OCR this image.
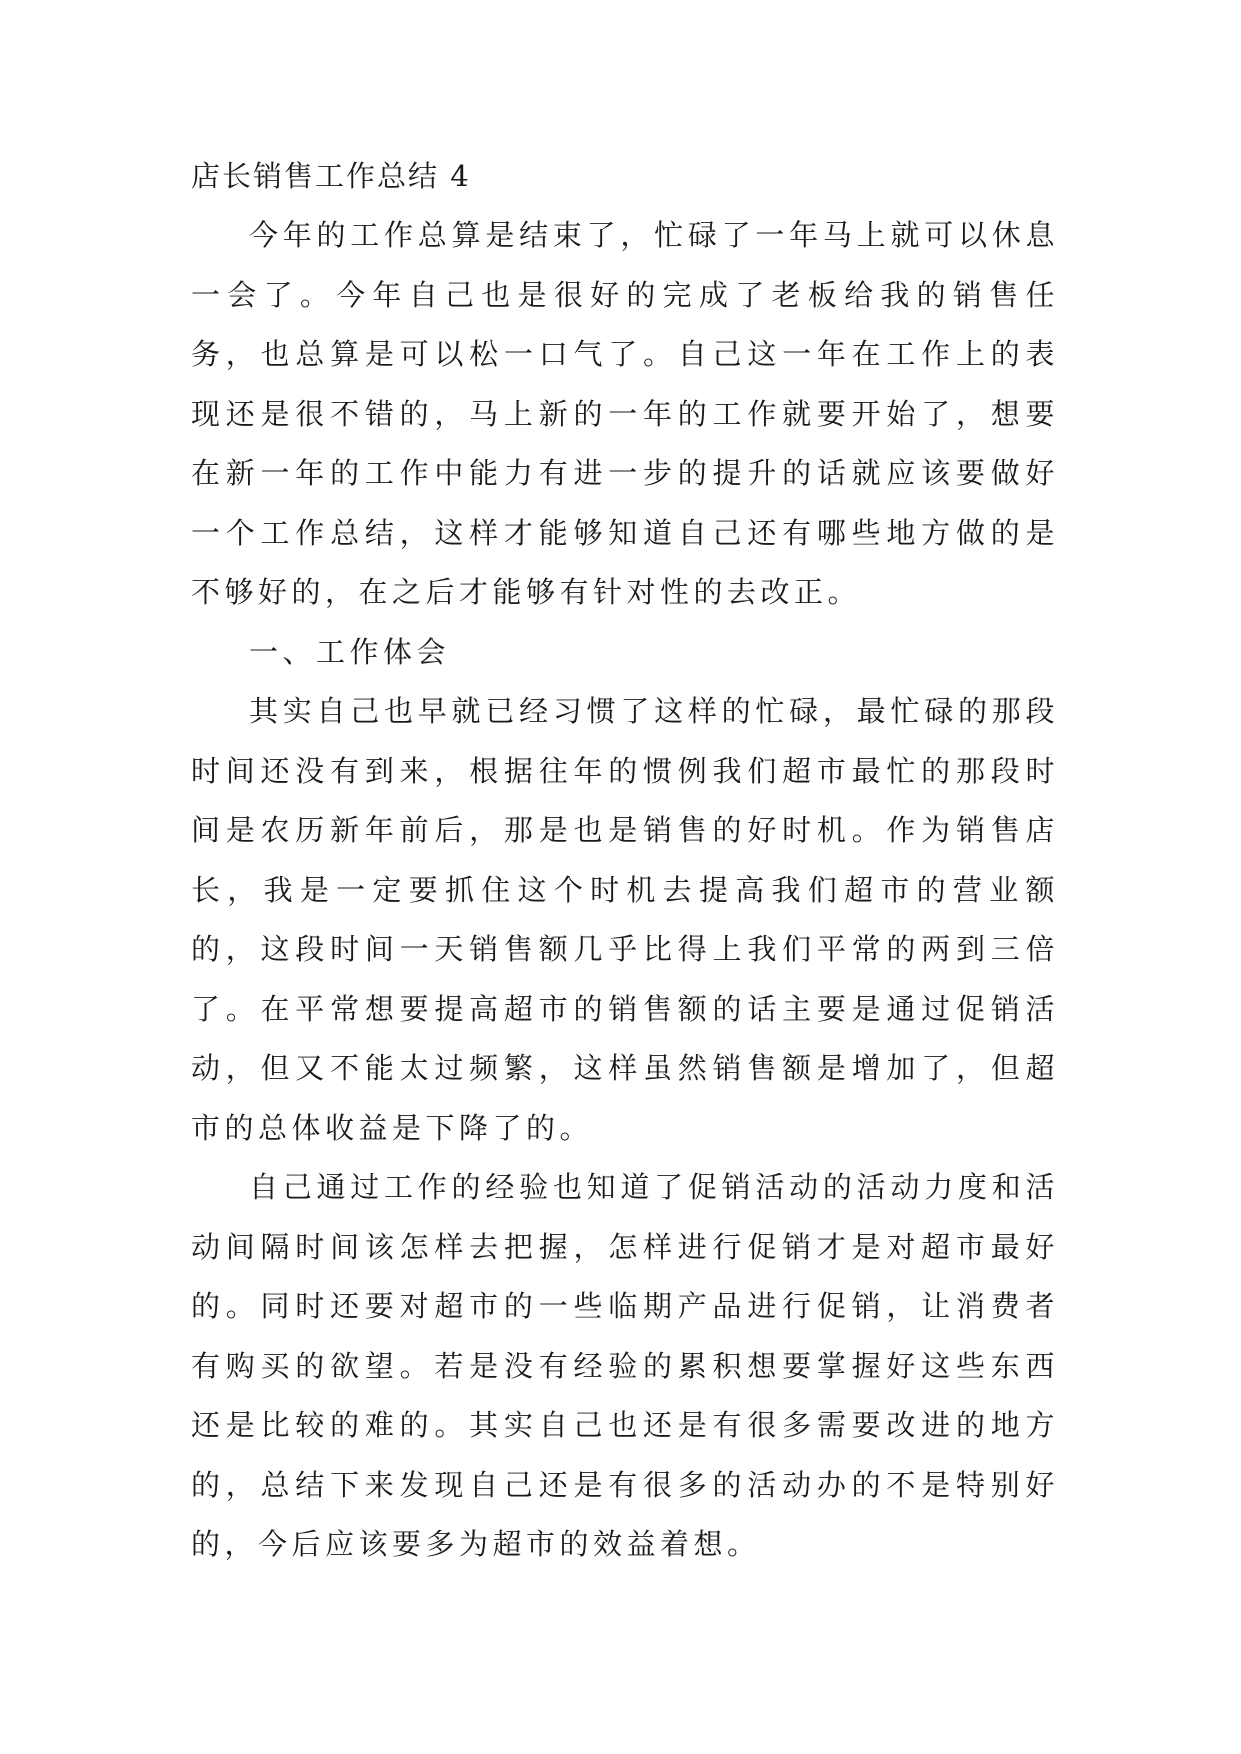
店长销售工作总结 4

今年的工作总算是结束了，忙碌了一年马上就可以休息一会了。今年自己也是很好的完成了老板给我的销售任务，也总算是可以松一口气了。自己这一年在工作上的表现还是很不错的，马上新的一年的工作就要开始了，想要在新一年的工作中能力有进一步的提升的话就应该要做好一个工作总结，这样才能够知道自己还有哪些地方做的是不够好的，在之后才能够有针对性的去改正。

一、工作体会

其实自己也早就已经习惯了这样的忙碌，最忙碌的那段时间还没有到来，根据往年的惯例我们超市最忙的那段时间是农历新年前后，那是也是销售的好时机。作为销售店长，我是一定要抓住这个时机去提高我们超市的营业额的，这段时间一天销售额几乎比得上我们平常的两到三倍了。在平常想要提高超市的销售额的话主要是通过促销活动，但又不能太过频繁，这样虽然销售额是增加了，但超市的总体收益是下降了的。

自己通过工作的经验也知道了促销活动的活动力度和活动间隔时间该怎样去把握，怎样进行促销才是对超市最好的。同时还要对超市的一些临期产品进行促销，让消费者有购买的欲望。若是没有经验的累积想要掌握好这些东西还是比较的难的。其实自己也还是有很多需要改进的地方的，总结下来发现自己还是有很多的活动办的不是特别好的，今后应该要多为超市的效益着想。
